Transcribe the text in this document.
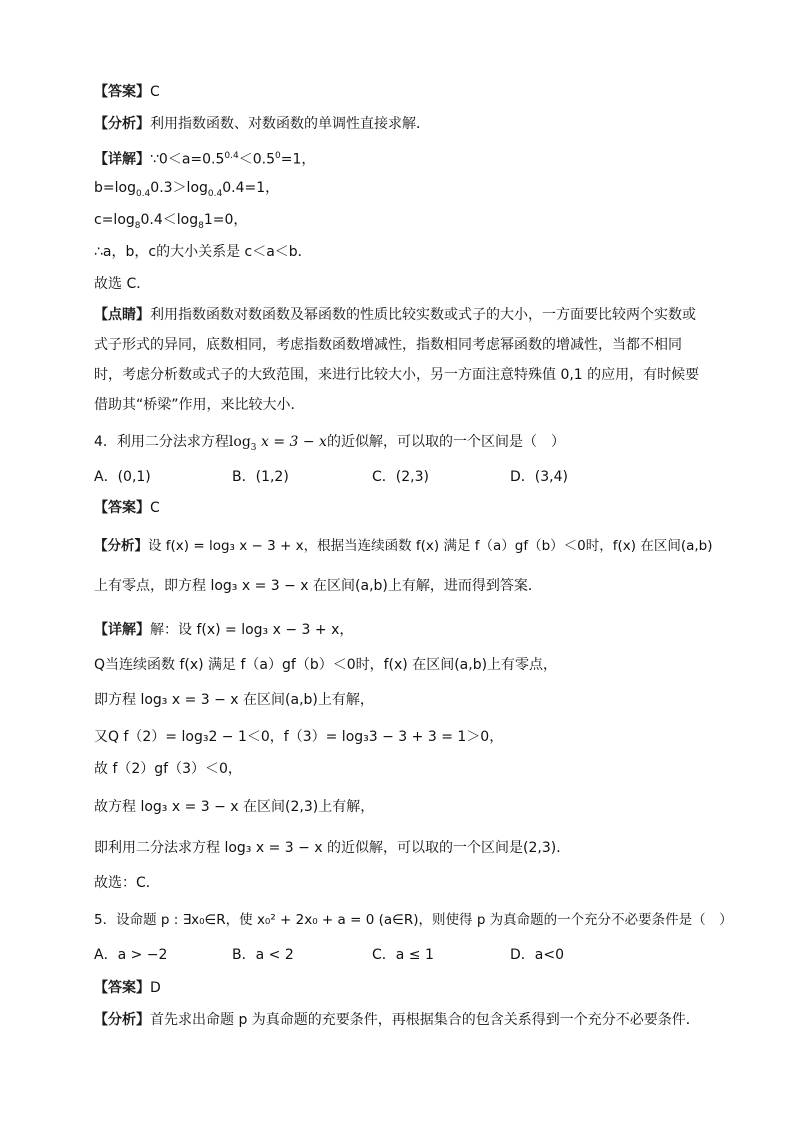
【答案】C
【分析】利用指数函数、对数函数的单调性直接求解．
【详解】$\because 0<a=0.5^{0.4}<0.5^0=1$，
$b=\log_{0.4}0.3>\log_{0.4}0.4=1$，
$c=\log_80.4<\log_81=0$，
∴a，b，c的大小关系是 c＜a＜b．
故选 C．
【点睛】利用指数函数对数函数及幂函数的性质比较实数或式子的大小，一方面要比较两个实数或式子形式的异同，底数相同，考虑指数函数增减性，指数相同考虑幂函数的增减性，当都不相同时，考虑分析数或式子的大致范围，来进行比较大小，另一方面注意特殊值 0,1 的应用，有时候要借助其“桥梁”作用，来比较大小．
4．利用二分法求方程$\log_3 x = 3 - x$的近似解，可以取的一个区间是（　）
A．(0,1)	B．(1,2)	C．(2,3)	D．(3,4)
【答案】C
【分析】设 f(x) = log₃ x − 3 + x，根据当连续函数 f(x) 满足 f（a）gf（b）＜0时，f(x) 在区间(a,b)
上有零点，即方程 log₃ x = 3 − x 在区间(a,b)上有解，进而得到答案．
【详解】解：设 f(x) = log₃ x − 3 + x，
Q当连续函数 f(x) 满足 f（a）gf（b）＜0时，f(x) 在区间(a,b)上有零点，
即方程 log₃ x = 3 − x 在区间(a,b)上有解，
又Q f（2）= log₃2 − 1＜0，f（3）= log₃3 − 3 + 3 = 1＞0，
故 f（2）gf（3）＜0，
故方程 log₃ x = 3 − x 在区间(2,3)上有解，
即利用二分法求方程 log₃ x = 3 − x 的近似解，可以取的一个区间是(2,3)．
故选：C．
5．设命题 p : ∃x₀∈R，使 x₀² + 2x₀ + a = 0 (a∈R)，则使得 p 为真命题的一个充分不必要条件是（　）
A．a > −2	B．a < 2	C．a ≤ 1	D．a<0
【答案】D
【分析】首先求出命题 p 为真命题的充要条件，再根据集合的包含关系得到一个充分不必要条件．
